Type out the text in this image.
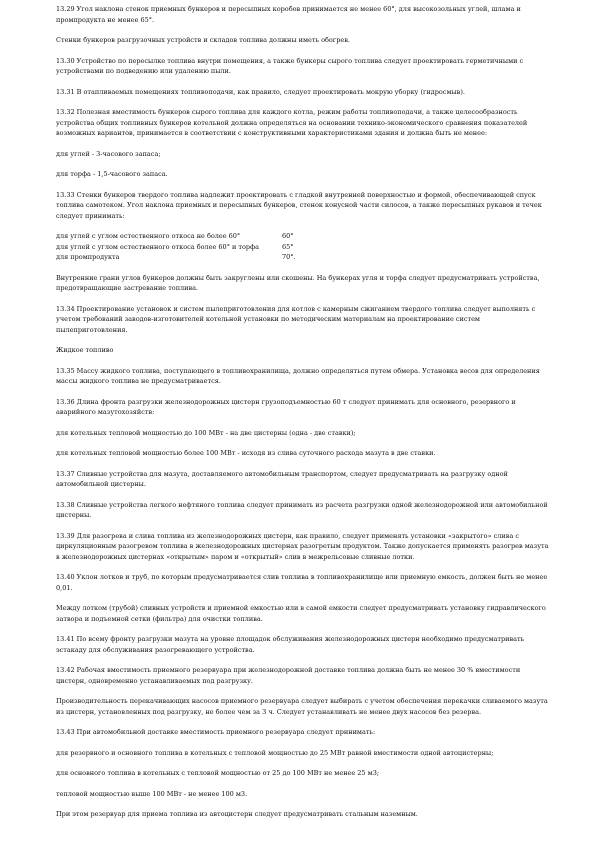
13.29 Угол наклона стенок приемных бункеров и пересыпных коробов принимается не менее 60°, для высокозольных углей, шлама и промпродукта не менее 65°.

Стенки бункеров разгрузочных устройств и складов топлива должны иметь обогрев.

13.30 Устройство по пересылке топлива внутри помещения, а также бункеры сырого топлива следует проектировать герметичными с устройствами по подведению или удалению пыли.

13.31 В отапливаемых помещениях топливоподачи, как правило, следует проектировать мокрую уборку (гидросмыв).

13.32 Полезная вместимость бункеров сырого топлива для каждого котла, режим работы топливоподачи, а также целесообразность устройства общих топливных бункеров котельной должна определяться на основании технико-экономического сравнения показателей возможных вариантов, принимается в соответствии с конструктивными характеристиками здания и должна быть не менее:

для углей - 3-часового запаса;

для торфа - 1,5-часового запаса.

13.33 Стенки бункеров твердого топлива надлежит проектировать с гладкой внутренней поверхностью и формой, обеспечивающей спуск топлива самотеком. Угол наклона приемных и пересыпных бункеров, стенок конусной части силосов, а также пересыпных рукавов и течек следует принимать:

для углей с углом естественного откоса не более 60°	60°
для углей с углом естественного откоса более 60° и торфа	65°
для промпродукта	70°.

Внутренние грани углов бункеров должны быть закруглены или скошены. На бункерах угля и торфа следует предусматривать устройства, предотвращающие застревание топлива.

13.34 Проектирование установок и систем пылеприготовления для котлов с камерным сжиганием твердого топлива следует выполнять с учетом требований заводов-изготовителей котельной установки по методическим материалам на проектирование систем пылеприготовления.

Жидкое топливо

13.35 Массу жидкого топлива, поступающего в топливохранилища, должно определяться путем обмера. Установка весов для определения массы жидкого топлива не предусматривается.

13.36 Длина фронта разгрузки железнодорожных цистерн грузоподъемностью 60 т следует принимать для основного, резервного и аварийного мазутохозяйств:

для котельных тепловой мощностью до 100 МВт - на две цистерны (одна - две ставки);

для котельных тепловой мощностью более 100 МВт - исходя из слива суточного расхода мазута в две ставки.

13.37 Сливные устройства для мазута, доставляемого автомобильным транспортом, следует предусматривать на разгрузку одной автомобильной цистерны.

13.38 Сливные устройства легкого нефтяного топлива следует принимать из расчета разгрузки одной железнодорожной или автомобильной цистерны.

13.39 Для разогрева и слива топлива из железнодорожных цистерн, как правило, следует применять установки «закрытого» слива с циркуляционным разогревом топлива в железнодорожных цистернах разогретым продуктом. Также допускается применять разогрев мазута в железнодорожных цистернах «открытым» паром и «открытый» слив в межрельсовые сливные лотки.

13.40 Уклон лотков и труб, по которым предусматривается слив топлива в топливохранилище или приемную емкость, должен быть не менее 0,01.

Между лотком (трубой) сливных устройств и приемной емкостью или в самой емкости следует предусматривать установку гидравлического затвора и подъемной сетки (фильтра) для очистки топлива.

13.41 По всему фронту разгрузки мазута на уровне площадок обслуживания железнодорожных цистерн необходимо предусматривать эстакаду для обслуживания разогревающего устройства.

13.42 Рабочая вместимость приемного резервуара при железнодорожной доставке топлива должна быть не менее 30 % вместимости цистерн, одновременно устанавливаемых под разгрузку.

Производительность перекачивающих насосов приемного резервуара следует выбирать с учетом обеспечения перекачки сливаемого мазута из цистерн, установленных под разгрузку, не более чем за 3 ч. Следует устанавливать не менее двух насосов без резерва.

13.43 При автомобильной доставке вместимость приемного резервуара следует принимать:

для резервного и основного топлива в котельных с тепловой мощностью до 25 МВт равной вместимости одной автоцистерны;

для основного топлива в котельных с тепловой мощностью от 25 до 100 МВт не менее 25 м3;

тепловой мощностью выше 100 МВт - не менее 100 м3.

При этом резервуар для приема топлива из автоцистерн следует предусматривать стальным наземным.
